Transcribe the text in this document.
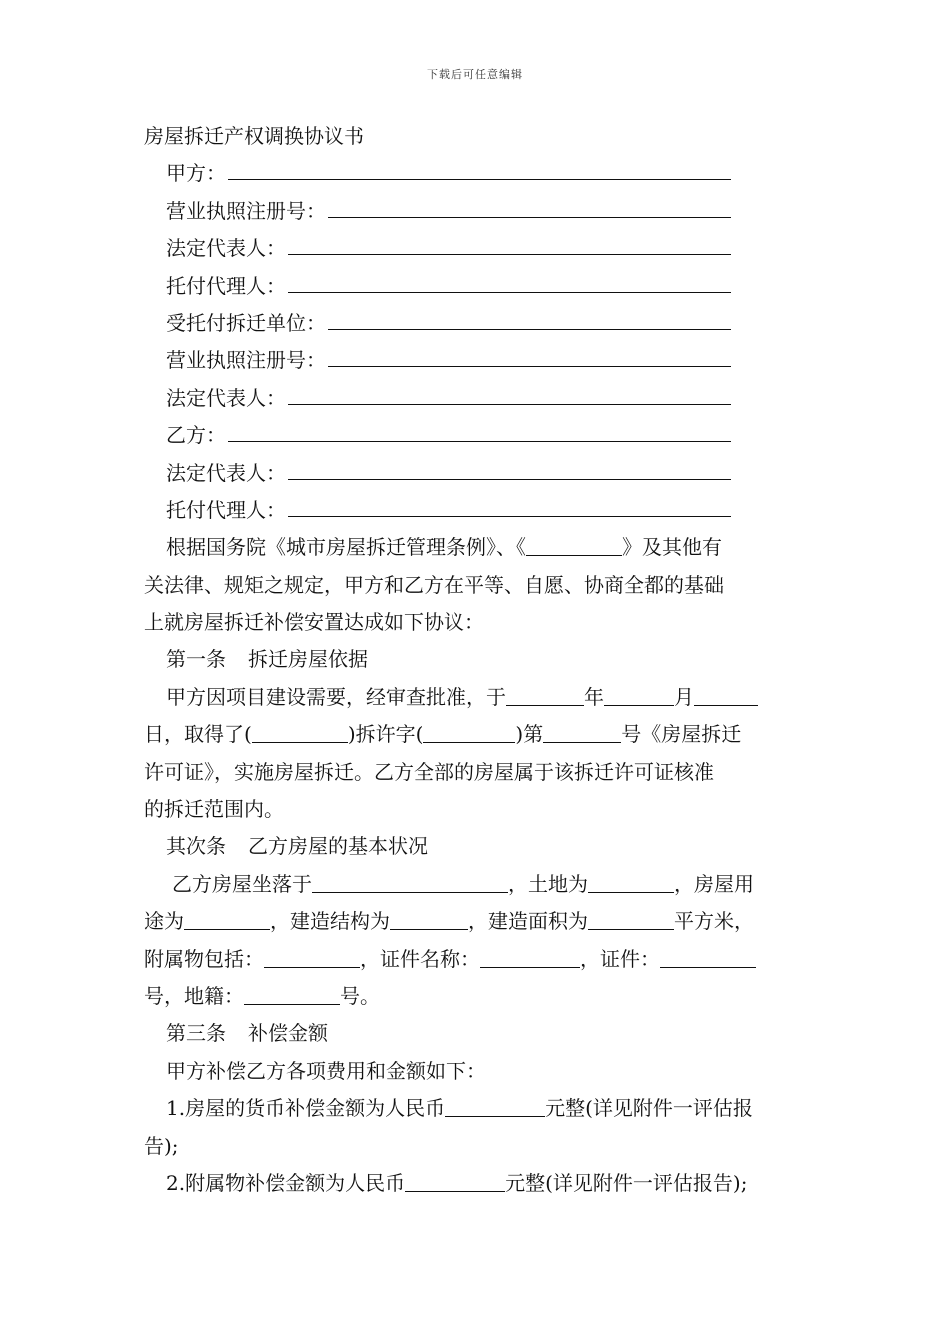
下载后可任意编辑
房屋拆迁产权调换协议书
甲方：
营业执照注册号：
法定代表人：
托付代理人：
受托付拆迁单位：
营业执照注册号：
法定代表人：
乙方：
法定代表人：
托付代理人：
根据国务院《城市房屋拆迁管理条例》、《	》及其他有
关法律、规矩之规定，甲方和乙方在平等、自愿、协商全都的基础
上就房屋拆迁补偿安置达成如下协议：
第一条 拆迁房屋依据
甲方因项目建设需要，经审查批准，于	年	月
日，取得了(	)拆许字(	)第	号《房屋拆迁
许可证》，实施房屋拆迁。乙方全部的房屋属于该拆迁许可证核准
的拆迁范围内。
其次条 乙方房屋的基本状况
乙方房屋坐落于	，土地为	，房屋用
途为	，建造结构为	，建造面积为	平方米，
附属物包括：	，证件名称：	，证件：
号，地籍：	号。
第三条 补偿金额
甲方补偿乙方各项费用和金额如下：
1.房屋的货币补偿金额为人民币	元整(详见附件一评估报
告);
2.附属物补偿金额为人民币	元整(详见附件一评估报告);
